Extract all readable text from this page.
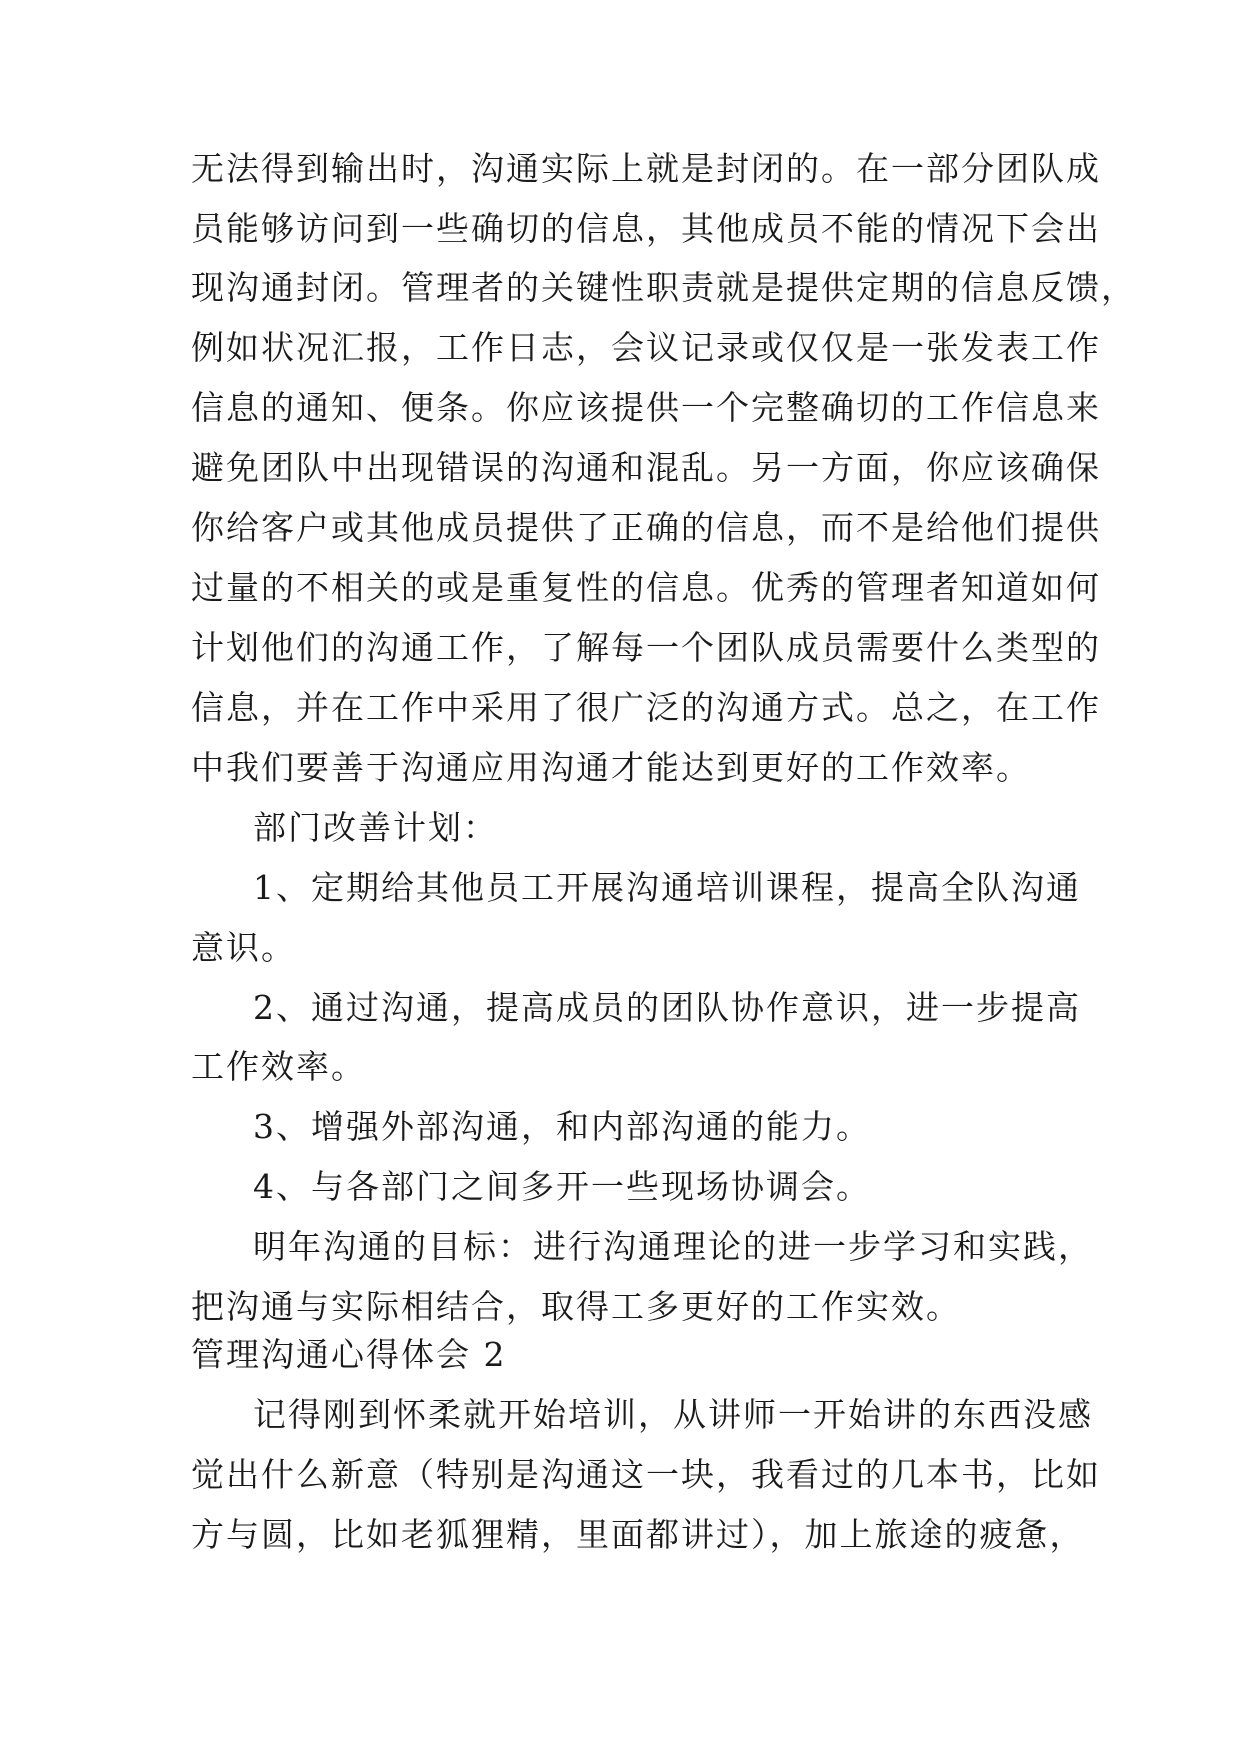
无法得到输出时，沟通实际上就是封闭的。在一部分团队成
员能够访问到一些确切的信息，其他成员不能的情况下会出
现沟通封闭。管理者的关键性职责就是提供定期的信息反馈，
例如状况汇报，工作日志，会议记录或仅仅是一张发表工作
信息的通知、便条。你应该提供一个完整确切的工作信息来
避免团队中出现错误的沟通和混乱。另一方面，你应该确保
你给客户或其他成员提供了正确的信息，而不是给他们提供
过量的不相关的或是重复性的信息。优秀的管理者知道如何
计划他们的沟通工作，了解每一个团队成员需要什么类型的
信息，并在工作中采用了很广泛的沟通方式。总之，在工作
中我们要善于沟通应用沟通才能达到更好的工作效率。
部门改善计划：
1、定期给其他员工开展沟通培训课程，提高全队沟通
意识。
2、通过沟通，提高成员的团队协作意识，进一步提高
工作效率。
3、增强外部沟通，和内部沟通的能力。
4、与各部门之间多开一些现场协调会。
明年沟通的目标：进行沟通理论的进一步学习和实践，
把沟通与实际相结合，取得工多更好的工作实效。
管理沟通心得体会 2
记得刚到怀柔就开始培训，从讲师一开始讲的东西没感
觉出什么新意（特别是沟通这一块，我看过的几本书，比如
方与圆，比如老狐狸精，里面都讲过），加上旅途的疲惫，
